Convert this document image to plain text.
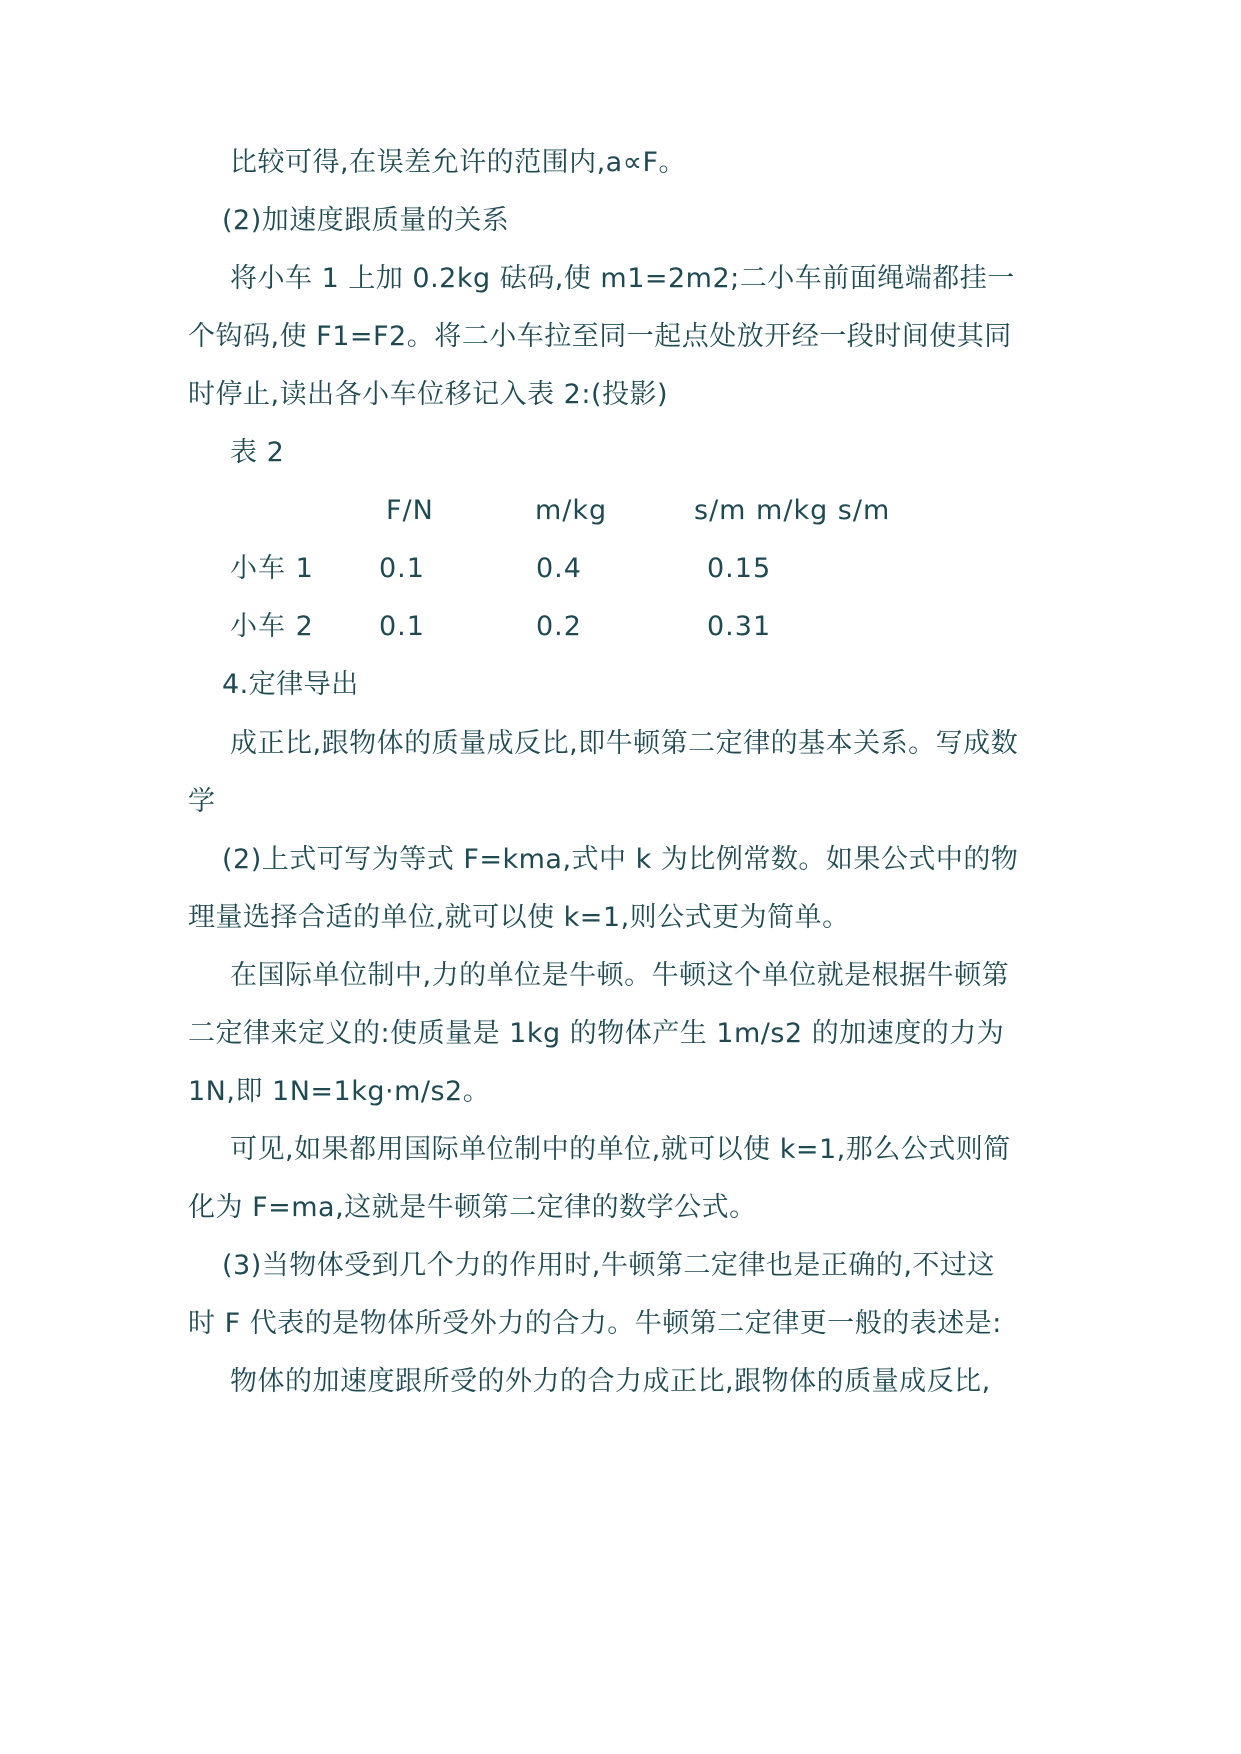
比较可得,在误差允许的范围内,a∝F。
(2)加速度跟质量的关系
将小车 1 上加 0.2kg 砝码,使 m1=2m2;二小车前面绳端都挂一
个钩码,使 F1=F2。将二小车拉至同一起点处放开经一段时间使其同
时停止,读出各小车位移记入表 2:(投影)
表 2
F/N	m/kg	s/m m/kg s/m
小车 1 0.1	0.4	0.15
小车 2 0.1	0.2	0.31
4.定律导出
成正比,跟物体的质量成反比,即牛顿第二定律的基本关系。写成数
学
(2)上式可写为等式 F=kma,式中 k 为比例常数。如果公式中的物
理量选择合适的单位,就可以使 k=1,则公式更为简单。
在国际单位制中,力的单位是牛顿。牛顿这个单位就是根据牛顿第
二定律来定义的:使质量是 1kg 的物体产生 1m/s2 的加速度的力为
1N,即 1N=1kg·m/s2。
可见,如果都用国际单位制中的单位,就可以使 k=1,那么公式则简
化为 F=ma,这就是牛顿第二定律的数学公式。
(3)当物体受到几个力的作用时,牛顿第二定律也是正确的,不过这
时 F 代表的是物体所受外力的合力。牛顿第二定律更一般的表述是:
物体的加速度跟所受的外力的合力成正比,跟物体的质量成反比,
